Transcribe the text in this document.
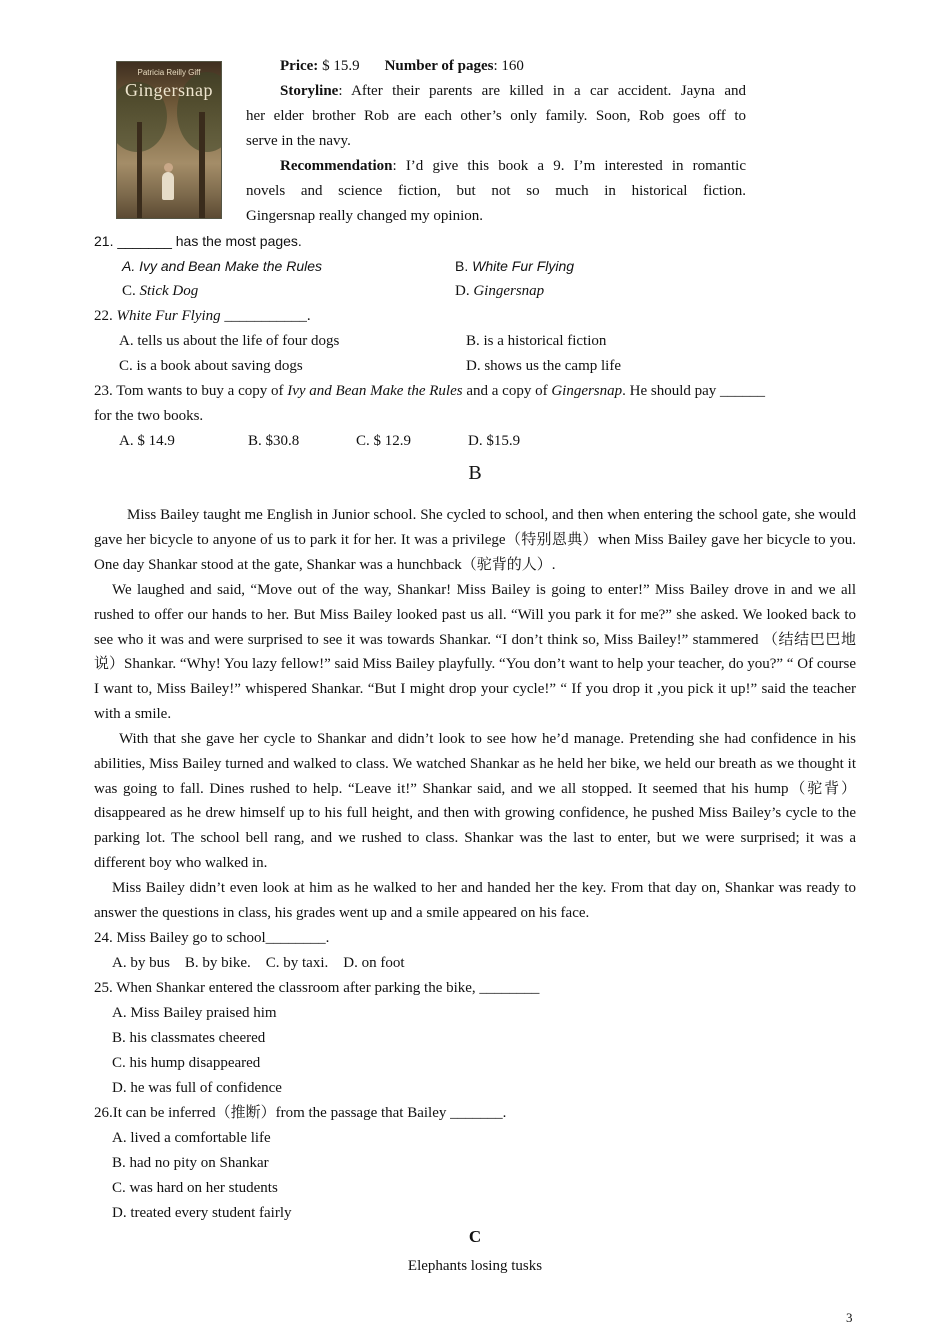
Patricia Reilly Giff
Gingersnap
Price: $ 15.9 Number of pages: 160
Storyline: After their parents are killed in a car accident. Jayna and
her elder brother Rob are each other’s only family. Soon, Rob goes off to
serve in the navy.
Recommendation: I’d give this book a 9. I’m interested in romantic
novels and science fiction, but not so much in historical fiction.
Gingersnap really changed my opinion.
21. _______ has the most pages.
A. Ivy and Bean Make the Rules	B. White Fur Flying
C. Stick Dog	D. Gingersnap
22. White Fur Flying ___________.
A. tells us about the life of four dogs	B. is a historical fiction
C. is a book about saving dogs	D. shows us the camp life
23. Tom wants to buy a copy of Ivy and Bean Make the Rules and a copy of Gingersnap. He should pay ______
for the two books.
A. $ 14.9	B. $30.8	C. $ 12.9	D. $15.9
B
Miss Bailey taught me English in Junior school. She cycled to school, and then when entering the school gate, she would gave her bicycle to anyone of us to park it for her. It was a privilege（特别恩典）when Miss Bailey gave her bicycle to you. One day Shankar stood at the gate, Shankar was a hunchback（驼背的人）.
We laughed and said, “Move out of the way, Shankar! Miss Bailey is going to enter!” Miss Bailey drove in and we all rushed to offer our hands to her. But Miss Bailey looked past us all. “Will you park it for me?” she asked. We looked back to see who it was and were surprised to see it was towards Shankar. “I don’t think so, Miss Bailey!” stammered （结结巴巴地说）Shankar. “Why! You lazy fellow!” said Miss Bailey playfully. “You don’t want to help your teacher, do you?” “ Of course I want to, Miss Bailey!” whispered Shankar. “But I might drop your cycle!” “ If you drop it ,you pick it up!” said the teacher with a smile.
With that she gave her cycle to Shankar and didn’t look to see how he’d manage. Pretending she had confidence in his abilities, Miss Bailey turned and walked to class. We watched Shankar as he held her bike, we held our breath as we thought it was going to fall. Dines rushed to help. “Leave it!” Shankar said, and we all stopped. It seemed that his hump（驼背）disappeared as he drew himself up to his full height, and then with growing confidence, he pushed Miss Bailey’s cycle to the parking lot. The school bell rang, and we rushed to class. Shankar was the last to enter, but we were surprised; it was a different boy who walked in.
Miss Bailey didn’t even look at him as he walked to her and handed her the key. From that day on, Shankar was ready to answer the questions in class, his grades went up and a smile appeared on his face.
24. Miss Bailey go to school________.
A. by bus    B. by bike.    C. by taxi.    D. on foot
25. When Shankar entered the classroom after parking the bike, ________
A. Miss Bailey praised him
B. his classmates cheered
C. his hump disappeared
D. he was full of confidence
26.It can be inferred（推断）from the passage that Bailey _______.
A. lived a comfortable life
B. had no pity on Shankar
C. was hard on her students
D. treated every student fairly
C
Elephants losing tusks
3
